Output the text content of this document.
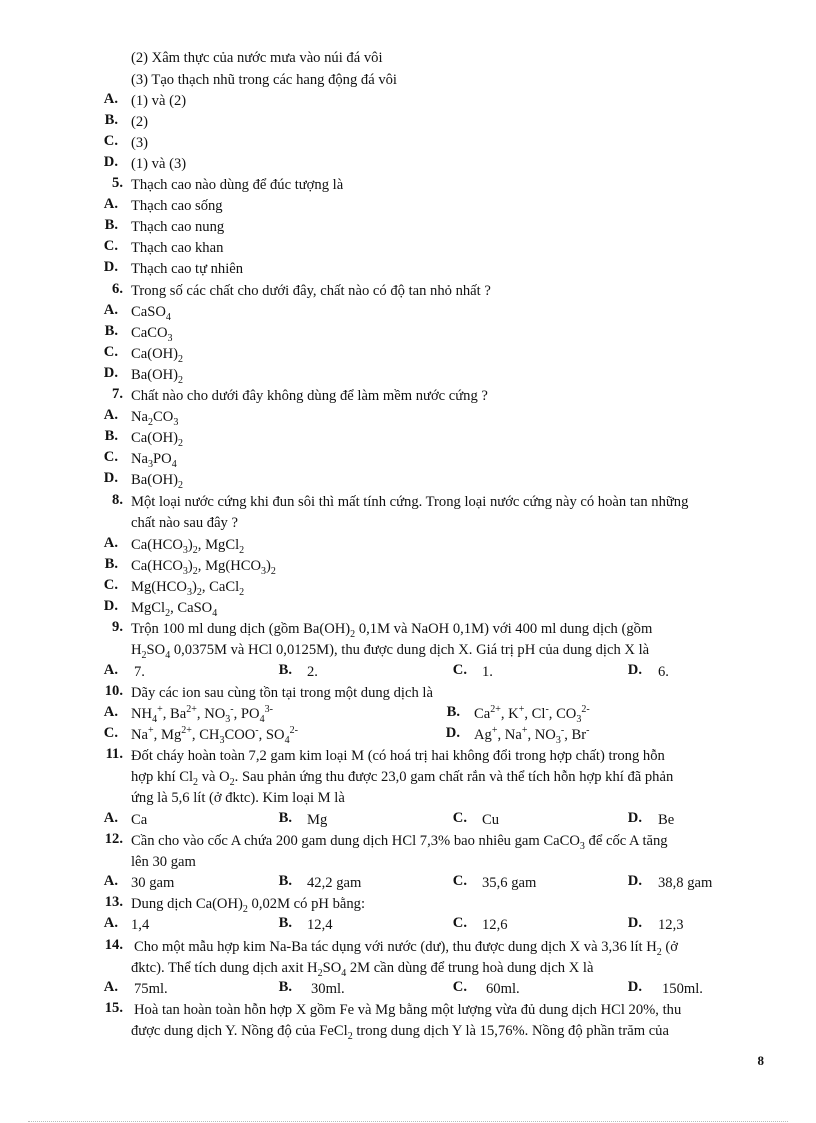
(2) Xâm thực của nước mưa vào núi đá vôi
(3) Tạo thạch nhũ trong các hang động đá vôi
A. (1) và (2)
B. (2)
C. (3)
D. (1) và (3)
5. Thạch cao nào dùng để đúc tượng là
A. Thạch cao sống
B. Thạch cao nung
C. Thạch cao khan
D. Thạch cao tự nhiên
6. Trong số các chất cho dưới đây, chất nào có độ tan nhỏ nhất ?
A. CaSO$_4$
B. CaCO$_3$
C. $Ca(OH)_2$
D. $Ba(OH)_2$
7. Chất nào cho dưới đây không dùng để làm mềm nước cứng ?
A. $Na_2CO_3$
B. $Ca(OH)_2$
C. $Na_3PO_4$
D. $Ba(OH)_2$
8. Một loại nước cứng khi đun sôi thì mất tính cứng. Trong loại nước cứng này có hoàn tan những
chất nào sau đây ?
A. $Ca(HCO_3)_2$, MgCl$_2$
B. $Ca(HCO_3)_2$, $Mg(HCO_3)_2$
C. $Mg(HCO_3)_2$, CaCl$_2$
D. MgCl$_2$, CaSO$_4$
9. Trộn 100 ml dung dịch (gồm $Ba(OH)_2$ 0,1M và NaOH 0,1M) với 400 ml dung dịch (gồm
$H_2SO_4$ 0,0375M và HCl 0,0125M), thu được dung dịch X. Giá trị pH của dung dịch X là
A. 7.	B. 2.	C. 1.	D. 6.
10. Dãy các ion sau cùng tồn tại trong một dung dịch là
A. $NH_4^+$, $Ba^{2+}$, $NO_3^-$, $PO_4^{3-}$	B. $Ca^{2+}$, K+, Cl-, $CO_3^{2-}$
C. Na+, $Mg^{2+}$, $CH_3COO^-$, $SO_4^{2-}$	D. Ag+, Na+, $NO_3^-$, Br-
11. Đốt cháy hoàn toàn 7,2 gam kim loại M (có hoá trị hai không đổi trong hợp chất) trong hỗn
hợp khí $Cl_2$ và $O_2$. Sau phản ứng thu được 23,0 gam chất rắn và thể tích hỗn hợp khí đã phản
ứng là 5,6 lít (ở đktc). Kim loại M là
A. Ca	B. Mg	C. Cu	D. Be
12. Cần cho vào cốc A chứa 200 gam dung dịch HCl 7,3% bao nhiêu gam CaCO$_3$ để cốc A tăng
lên 30 gam
A. 30 gam	B. 42,2 gam	C. 35,6 gam	D. 38,8 gam
13. Dung dịch $Ca(OH)_2$ 0,02M có pH bằng:
A. 1,4	B. 12,4	C. 12,6	D. 12,3
14. Cho một mẫu hợp kim Na-Ba tác dụng với nước (dư), thu được dung dịch X và 3,36 lít $H_2$ (ở
đktc). Thể tích dung dịch axit $H_2SO_4$ 2M cần dùng để trung hoà dung dịch X là
A. 75ml.	B. 30ml.	C. 60ml.	D. 150ml.
15. Hoà tan hoàn toàn hỗn hợp X gồm Fe và Mg bằng một lượng vừa đủ dung dịch HCl 20%, thu
được dung dịch Y. Nồng độ của FeCl$_2$ trong dung dịch Y là 15,76%. Nồng độ phần trăm của
8
